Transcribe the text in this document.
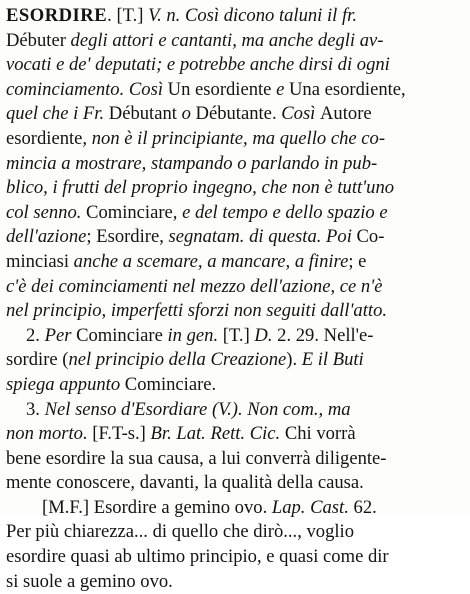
ESORDIRE. [T.] V. n. Così dicono taluni il fr.
Débuter degli attori e cantanti, ma anche degli av-
vocati e de' deputati; e potrebbe anche dirsi di ogni
cominciamento. Così Un esordiente e Una esordiente,
quel che i Fr. Débutant o Débutante. Così Autore
esordiente, non è il principiante, ma quello che co-
mincia a mostrare, stampando o parlando in pub-
blico, i frutti del proprio ingegno, che non è tutt'uno
col senno. Cominciare, e del tempo e dello spazio e
dell'azione; Esordire, segnatam. di questa. Poi Co-
minciasi anche a scemare, a mancare, a finire; e
c'è dei cominciamenti nel mezzo dell'azione, ce n'è
nel principio, imperfetti sforzi non seguiti dall'atto.
2. Per Cominciare in gen. [T.] D. 2. 29. Nell'e-
sordire (nel principio della Creazione). E il Buti
spiega appunto Cominciare.
3. Nel senso d'Esordiare (V.). Non com., ma
non morto. [F.T-s.] Br. Lat. Rett. Cic. Chi vorrà
bene esordire la sua causa, a lui converrà diligente-
mente conoscere, davanti, la qualità della causa.
[M.F.] Esordire a gemino ovo. Lap. Cast. 62.
Per più chiarezza... di quello che dirò..., voglio
esordire quasi ab ultimo principio, e quasi come dir
si suole a gemino ovo.
